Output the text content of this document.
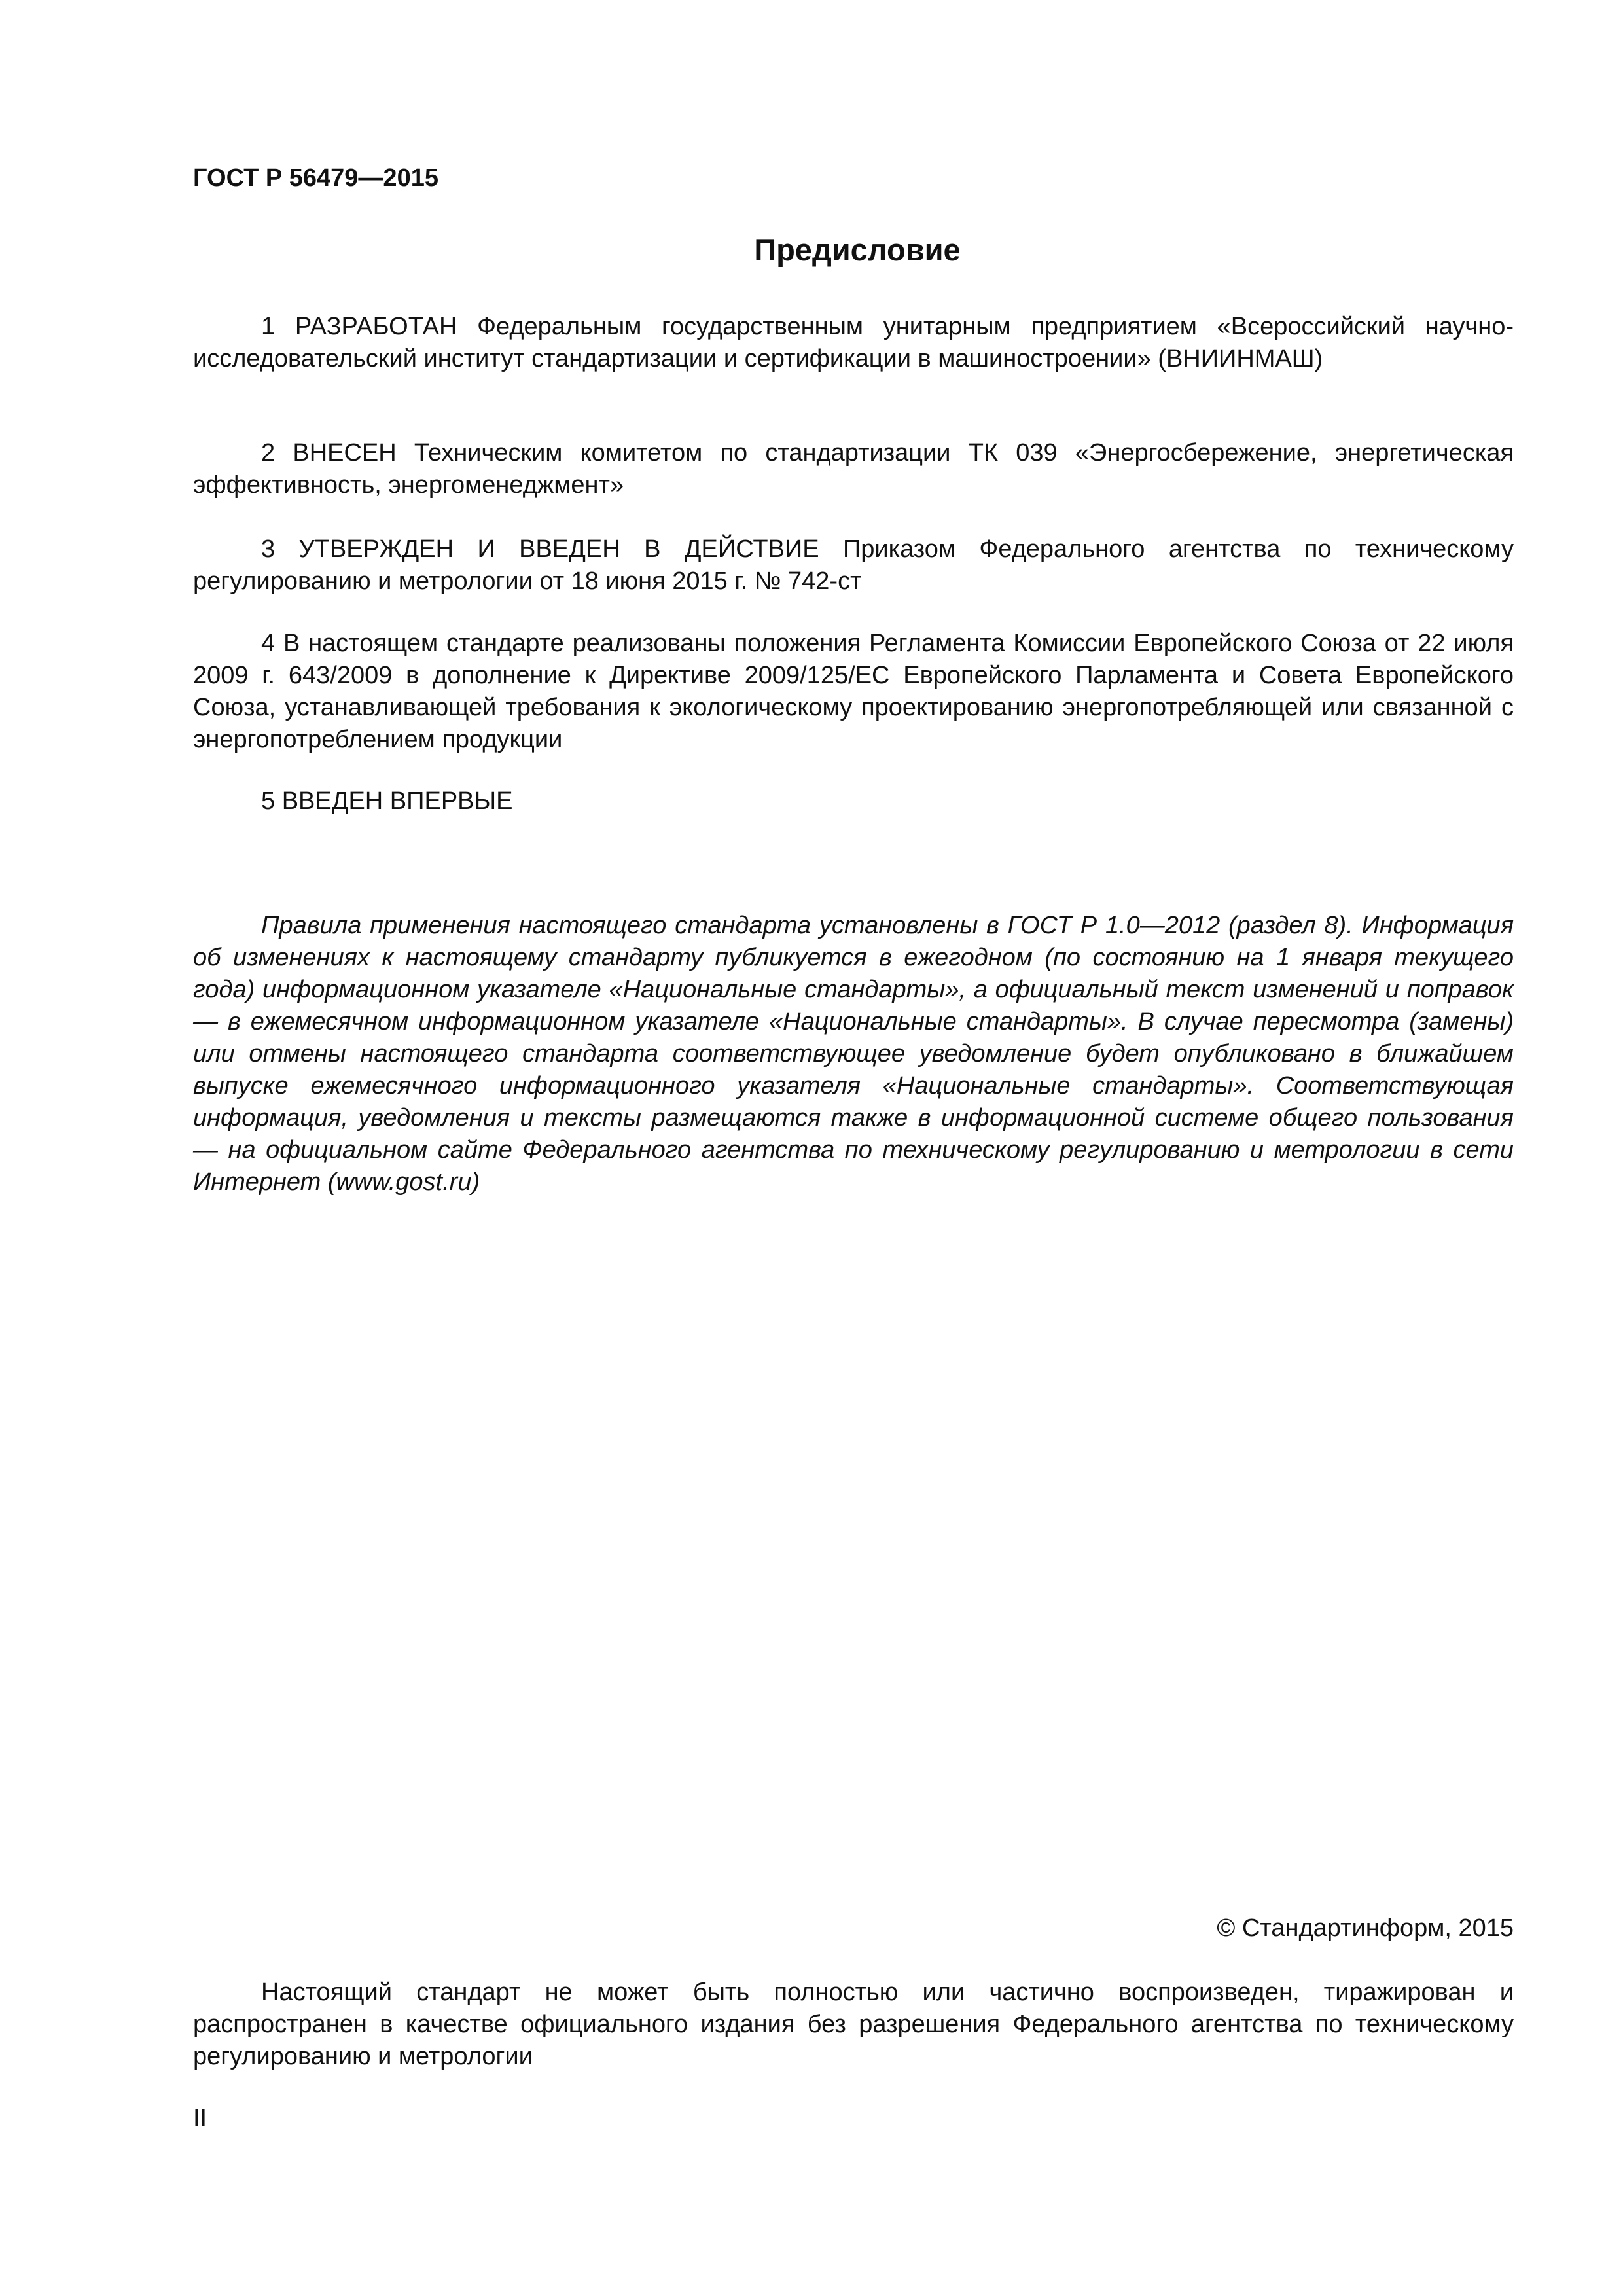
ГОСТ Р 56479—2015
Предисловие

1 РАЗРАБОТАН Федеральным государственным унитарным предприятием «Всероссийский научно-исследовательский институт стандартизации и сертификации в машиностроении» (ВНИИНМАШ)

2 ВНЕСЕН Техническим комитетом по стандартизации ТК 039 «Энергосбережение, энергетическая эффективность, энергоменеджмент»

3 УТВЕРЖДЕН И ВВЕДЕН В ДЕЙСТВИЕ Приказом Федерального агентства по техническому регулированию и метрологии от 18 июня 2015 г. № 742-ст

4 В настоящем стандарте реализованы положения Регламента Комиссии Европейского Союза от 22 июля 2009 г. 643/2009 в дополнение к Директиве 2009/125/ЕС Европейского Парламента и Совета Европейского Союза, устанавливающей требования к экологическому проектированию энергопотребляющей или связанной с энергопотреблением продукции

5 ВВЕДЕН ВПЕРВЫЕ

Правила применения настоящего стандарта установлены в ГОСТ Р 1.0—2012 (раздел 8). Информация об изменениях к настоящему стандарту публикуется в ежегодном (по состоянию на 1 января текущего года) информационном указателе «Национальные стандарты», а официальный текст изменений и поправок — в ежемесячном информационном указателе «Национальные стандарты». В случае пересмотра (замены) или отмены настоящего стандарта соответствующее уведомление будет опубликовано в ближайшем выпуске ежемесячного информационного указателя «Национальные стандарты». Соответствующая информация, уведомления и тексты размещаются также в информационной системе общего пользования — на официальном сайте Федерального агентства по техническому регулированию и метрологии в сети Интернет (www.gost.ru)

© Стандартинформ, 2015

Настоящий стандарт не может быть полностью или частично воспроизведен, тиражирован и распространен в качестве официального издания без разрешения Федерального агентства по техническому регулированию и метрологии

II
